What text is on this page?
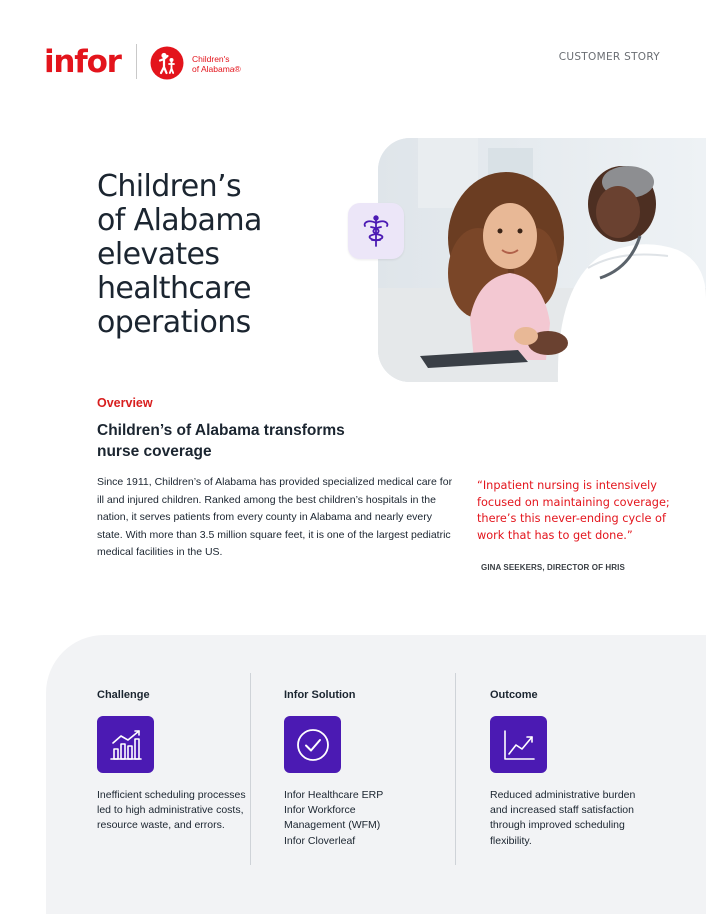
infor	Children's
of Alabama®
CUSTOMER STORY
Children’s
of Alabama
elevates
healthcare
operations
Overview
Children’s of Alabama transforms nurse coverage

Since 1911, Children’s of Alabama has provided specialized medical care for ill and injured children. Ranked among the best children’s hospitals in the nation, it serves patients from every county in Alabama and nearly every state. With more than 3.5 million square feet, it is one of the largest pediatric medical facilities in the US.

“Inpatient nursing is intensively focused on maintaining coverage; there’s this never-ending cycle of work that has to get done.”
GINA SEEKERS, DIRECTOR OF HRIS
Challenge

Inefficient scheduling processes led to high administrative costs, resource waste, and errors.

Infor Solution

Infor Healthcare ERP
Infor Workforce Management (WFM)
Infor Cloverleaf

Outcome

Reduced administrative burden and increased staff satisfaction through improved scheduling flexibility.
